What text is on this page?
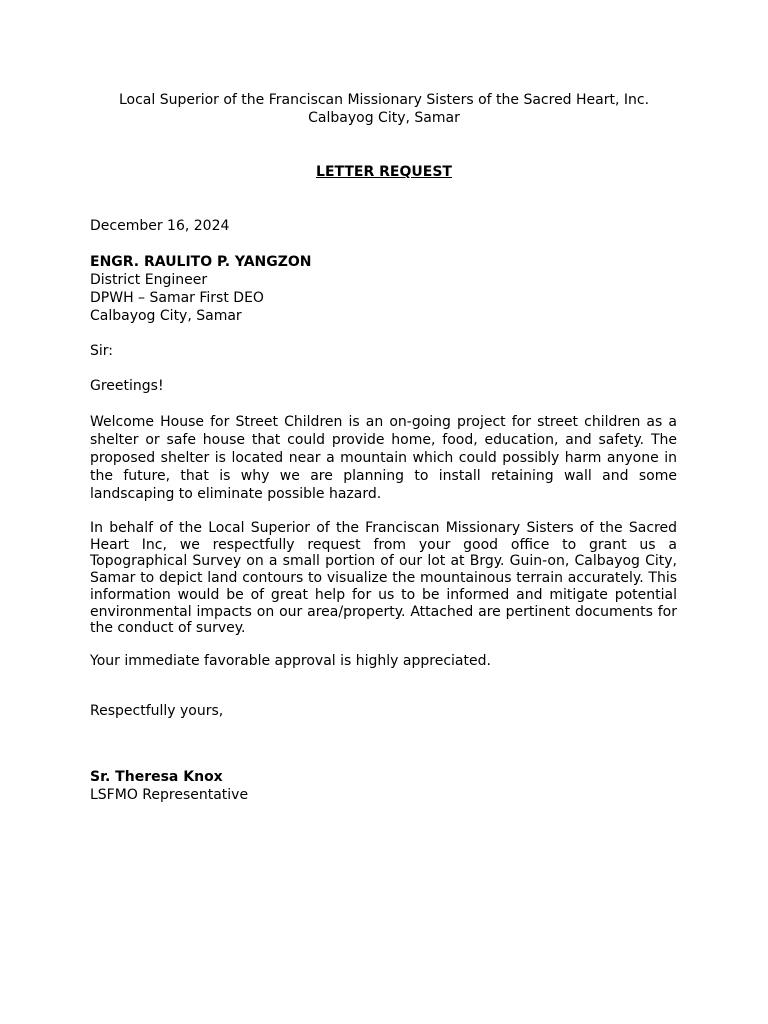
Local Superior of the Franciscan Missionary Sisters of the Sacred Heart, Inc.
Calbayog City, Samar
LETTER REQUEST
December 16, 2024
ENGR. RAULITO P. YANGZON
District Engineer
DPWH – Samar First DEO
Calbayog City, Samar
Sir:
Greetings!
Welcome House for Street Children is an on-going project for street children as a shelter or safe house that could provide home, food, education, and safety. The proposed shelter is located near a mountain which could possibly harm anyone in the future, that is why we are planning to install retaining wall and some landscaping to eliminate possible hazard.
In behalf of the Local Superior of the Franciscan Missionary Sisters of the Sacred Heart Inc, we respectfully request from your good office to grant us a Topographical Survey on a small portion of our lot at Brgy. Guin-on, Calbayog City, Samar to depict land contours to visualize the mountainous terrain accurately. This information would be of great help for us to be informed and mitigate potential environmental impacts on our area/property. Attached are pertinent documents for the conduct of survey.
Your immediate favorable approval is highly appreciated.
Respectfully yours,
Sr. Theresa Knox
LSFMO Representative
